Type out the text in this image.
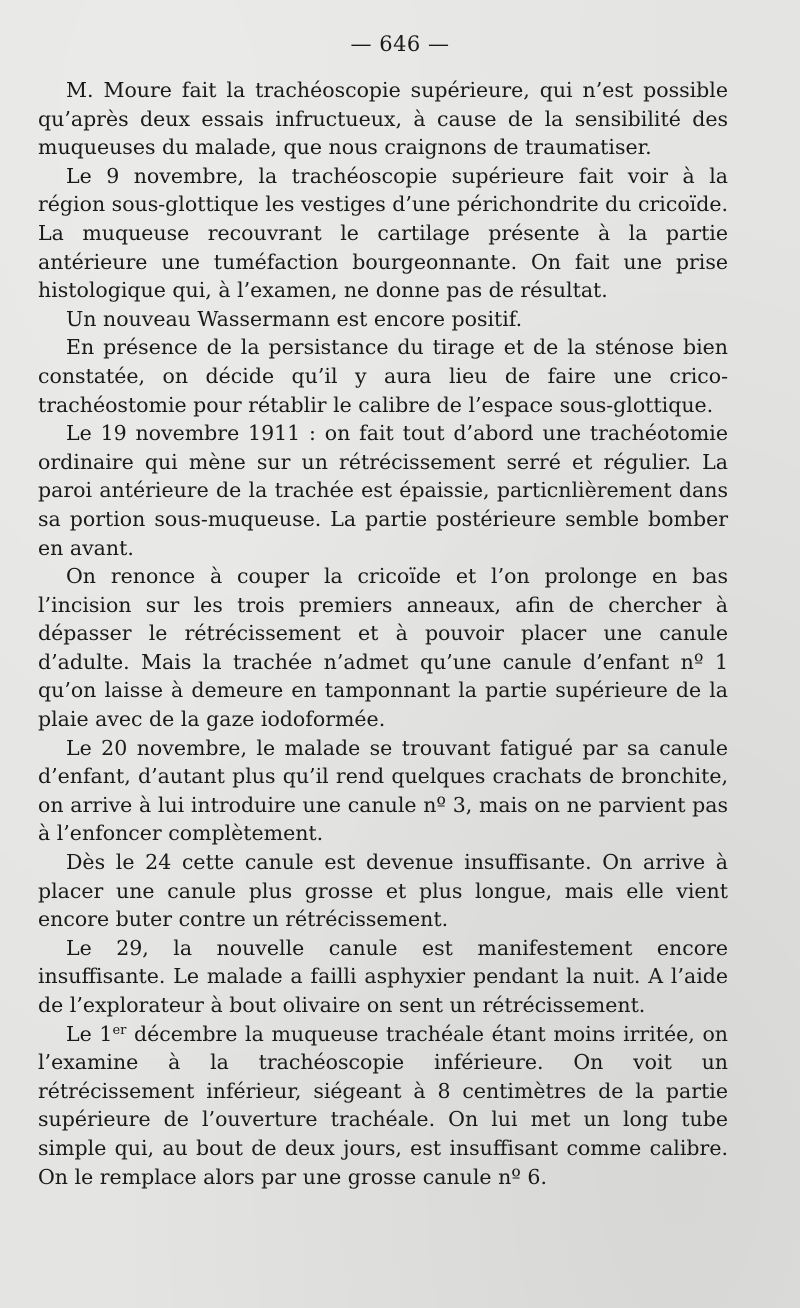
— 646 —

M. Moure fait la trachéoscopie supérieure, qui n’est possible qu’après deux essais infructueux, à cause de la sensibilité des muqueuses du malade, que nous craignons de traumatiser.

Le 9 novembre, la trachéoscopie supérieure fait voir à la région sous-glottique les vestiges d’une périchondrite du cricoïde. La muqueuse recouvrant le cartilage présente à la partie antérieure une tuméfaction bourgeonnante. On fait une prise histologique qui, à l’examen, ne donne pas de résultat.

Un nouveau Wassermann est encore positif.

En présence de la persistance du tirage et de la sténose bien constatée, on décide qu’il y aura lieu de faire une crico-trachéostomie pour rétablir le calibre de l’espace sous-glottique.

Le 19 novembre 1911 : on fait tout d’abord une trachéotomie ordinaire qui mène sur un rétrécissement serré et régulier. La paroi antérieure de la trachée est épaissie, particnlièrement dans sa portion sous-muqueuse. La partie postérieure semble bomber en avant.

On renonce à couper la cricoïde et l’on prolonge en bas l’incision sur les trois premiers anneaux, afin de chercher à dépasser le rétrécissement et à pouvoir placer une canule d’adulte. Mais la trachée n’admet qu’une canule d’enfant nº 1 qu’on laisse à demeure en tamponnant la partie supérieure de la plaie avec de la gaze iodoformée.

Le 20 novembre, le malade se trouvant fatigué par sa canule d’enfant, d’autant plus qu’il rend quelques crachats de bronchite, on arrive à lui introduire une canule nº 3, mais on ne parvient pas à l’enfoncer complètement.

Dès le 24 cette canule est devenue insuffisante. On arrive à placer une canule plus grosse et plus longue, mais elle vient encore buter contre un rétrécissement.

Le 29, la nouvelle canule est manifestement encore insuffisante. Le malade a failli asphyxier pendant la nuit. A l’aide de l’explorateur à bout olivaire on sent un rétrécissement.

Le 1er décembre la muqueuse trachéale étant moins irritée, on l’examine à la trachéoscopie inférieure. On voit un rétrécissement inférieur, siégeant à 8 centimètres de la partie supérieure de l’ouverture trachéale. On lui met un long tube simple qui, au bout de deux jours, est insuffisant comme calibre. On le remplace alors par une grosse canule nº 6.
